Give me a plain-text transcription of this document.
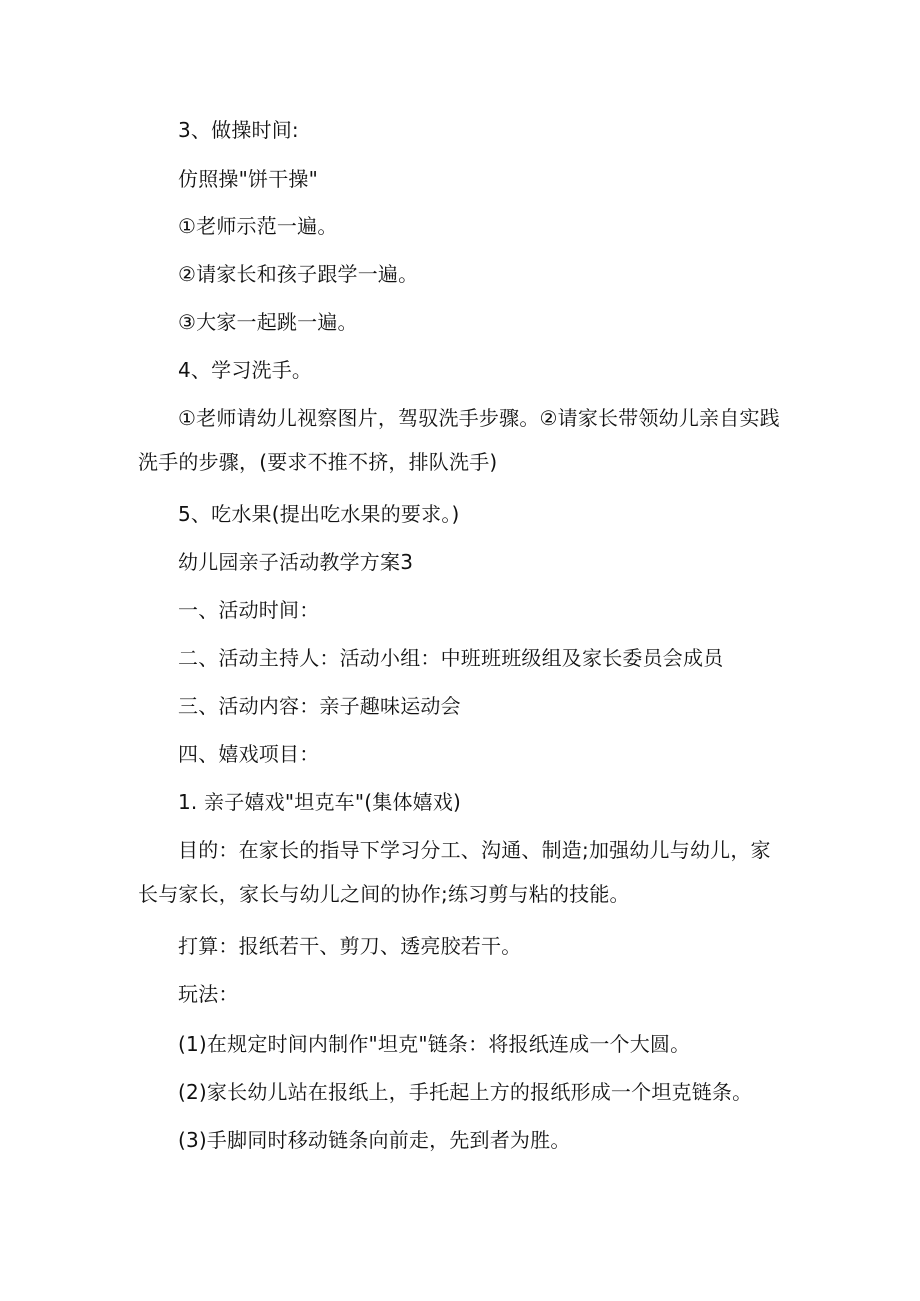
3、做操时间:
仿照操"饼干操"
①老师示范一遍。
②请家长和孩子跟学一遍。
③大家一起跳一遍。
4、学习洗手。
①老师请幼儿视察图片，驾驭洗手步骤。②请家长带领幼儿亲自实践洗手的步骤，(要求不推不挤，排队洗手)
5、吃水果(提出吃水果的要求。)
幼儿园亲子活动教学方案3
一、活动时间：
二、活动主持人：活动小组：中班班班级组及家长委员会成员
三、活动内容：亲子趣味运动会
四、嬉戏项目：
1. 亲子嬉戏"坦克车"(集体嬉戏)
目的：在家长的指导下学习分工、沟通、制造;加强幼儿与幼儿，家长与家长，家长与幼儿之间的协作;练习剪与粘的技能。
打算：报纸若干、剪刀、透亮胶若干。
玩法：
(1)在规定时间内制作"坦克"链条：将报纸连成一个大圆。
(2)家长幼儿站在报纸上，手托起上方的报纸形成一个坦克链条。
(3)手脚同时移动链条向前走，先到者为胜。
